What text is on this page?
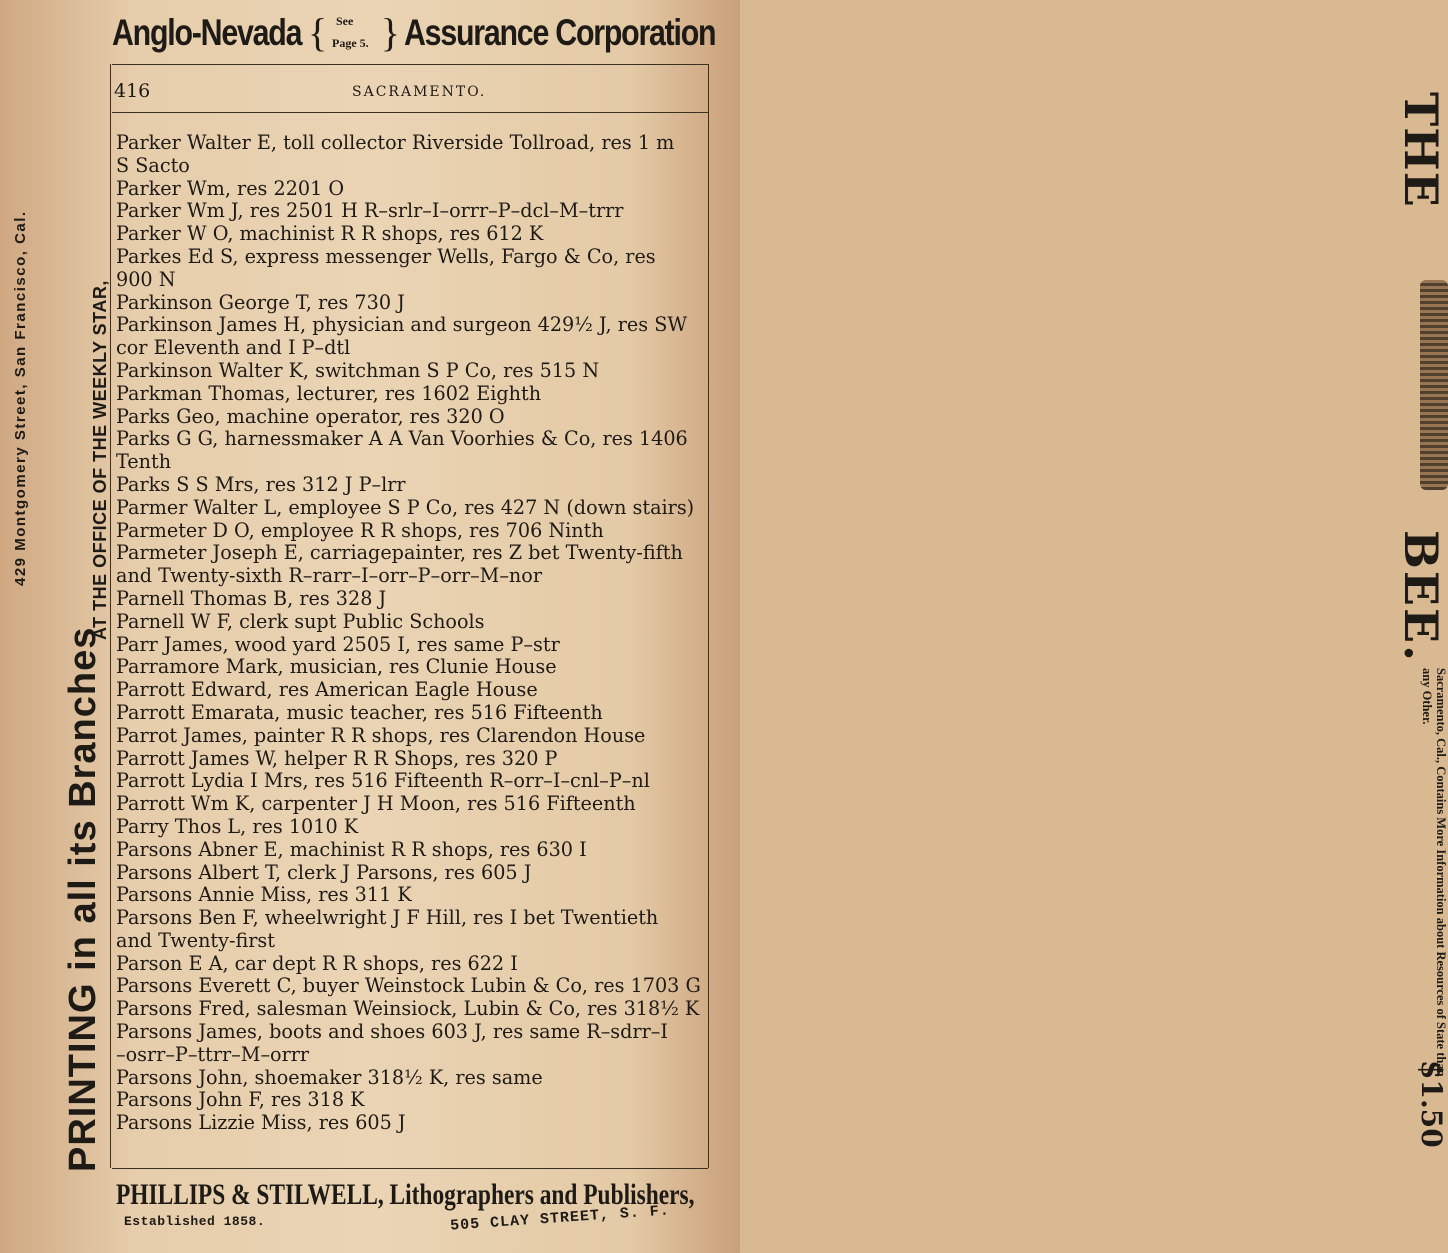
Anglo-Nevada { See
Page 5. } Assurance Corporation
416	SACRAMENTO.
Parker Walter E, toll collector Riverside Tollroad, res 1 m
S Sacto
Parker Wm, res 2201 O
Parker Wm J, res 2501 H R–srlr–I–orrr–P–dcl–M–trrr
Parker W O, machinist R R shops, res 612 K
Parkes Ed S, express messenger Wells, Fargo & Co, res
900 N
Parkinson George T, res 730 J
Parkinson James H, physician and surgeon 429½ J, res SW
cor Eleventh and I P–dtl
Parkinson Walter K, switchman S P Co, res 515 N
Parkman Thomas, lecturer, res 1602 Eighth
Parks Geo, machine operator, res 320 O
Parks G G, harnessmaker A A Van Voorhies & Co, res 1406
Tenth
Parks S S Mrs, res 312 J P–lrr
Parmer Walter L, employee S P Co, res 427 N (down stairs)
Parmeter D O, employee R R shops, res 706 Ninth
Parmeter Joseph E, carriagepainter, res Z bet Twenty-fifth
and Twenty-sixth R–rarr–I–orr–P–orr–M–nor
Parnell Thomas B, res 328 J
Parnell W F, clerk supt Public Schools
Parr James, wood yard 2505 I, res same P–str
Parramore Mark, musician, res Clunie House
Parrott Edward, res American Eagle House
Parrott Emarata, music teacher, res 516 Fifteenth
Parrot James, painter R R shops, res Clarendon House
Parrott James W, helper R R Shops, res 320 P
Parrott Lydia I Mrs, res 516 Fifteenth R–orr–I–cnl–P–nl
Parrott Wm K, carpenter J H Moon, res 516 Fifteenth
Parry Thos L, res 1010 K
Parsons Abner E, machinist R R shops, res 630 I
Parsons Albert T, clerk J Parsons, res 605 J
Parsons Annie Miss, res 311 K
Parsons Ben F, wheelwright J F Hill, res I bet Twentieth
and Twenty-first
Parson E A, car dept R R shops, res 622 I
Parsons Everett C, buyer Weinstock Lubin & Co, res 1703 G
Parsons Fred, salesman Weinsiock, Lubin & Co, res 318½ K
Parsons James, boots and shoes 603 J, res same R–sdrr–I
–osrr–P–ttrr–M–orrr
Parsons John, shoemaker 318½ K, res same
Parsons John F, res 318 K
Parsons Lizzie Miss, res 605 J
PRINTING in all its Branches
AT THE OFFICE OF THE WEEKLY STAR,
429 Montgomery Street, San Francisco, Cal.
THE
BEE.
Sacramento, Cal., Contains More Information about Resources of State than any Other.
$1.50
PHILLIPS & STILWELL, Lithographers and Publishers,
Established 1858.	505 CLAY STREET, S. F.
